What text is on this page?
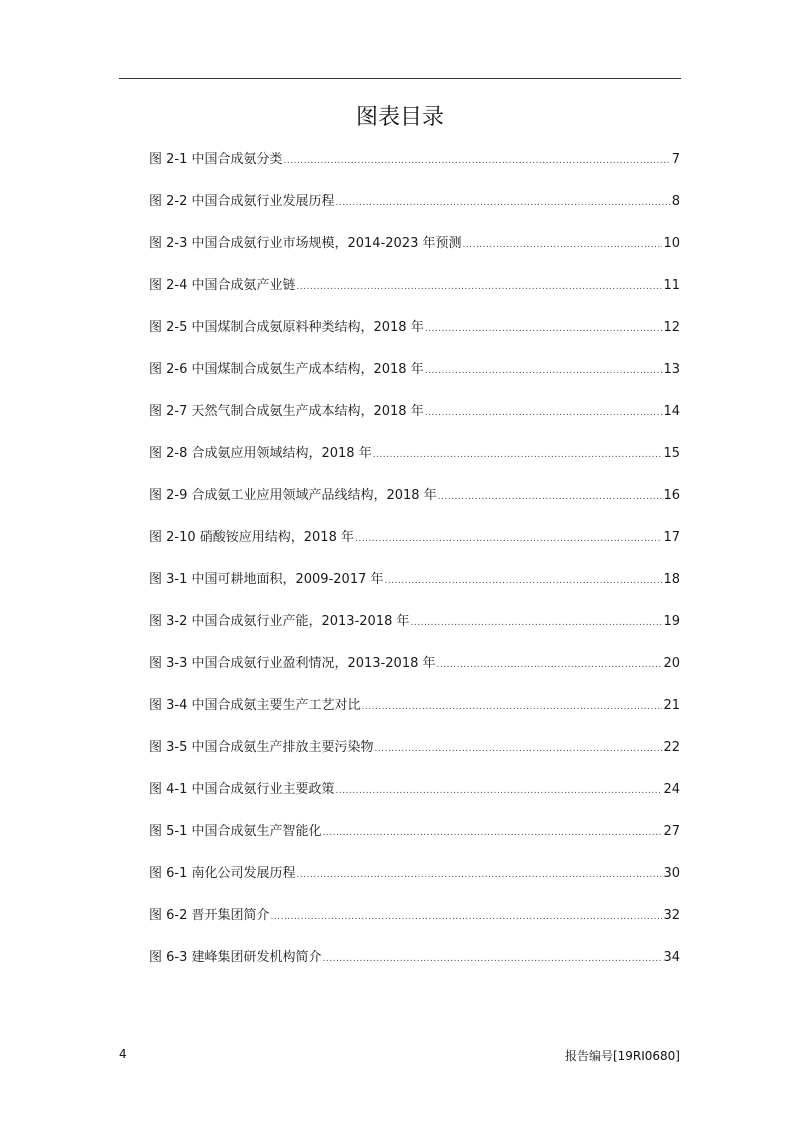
图表目录
图 2-1 中国合成氨分类 .....	7
图 2-2 中国合成氨行业发展历程 .....	8
图 2-3 中国合成氨行业市场规模，2014-2023 年预测 .....	10
图 2-4 中国合成氨产业链 .....	11
图 2-5 中国煤制合成氨原料种类结构，2018 年 .....	12
图 2-6 中国煤制合成氨生产成本结构，2018 年 .....	13
图 2-7 天然气制合成氨生产成本结构，2018 年 .....	14
图 2-8 合成氨应用领域结构，2018 年 .....	15
图 2-9 合成氨工业应用领域产品线结构，2018 年 .....	16
图 2-10 硝酸铵应用结构，2018 年 .....	17
图 3-1 中国可耕地面积，2009-2017 年 .....	18
图 3-2 中国合成氨行业产能，2013-2018 年 .....	19
图 3-3 中国合成氨行业盈利情况，2013-2018 年 .....	20
图 3-4 中国合成氨主要生产工艺对比 .....	21
图 3-5 中国合成氨生产排放主要污染物 .....	22
图 4-1 中国合成氨行业主要政策 .....	24
图 5-1 中国合成氨生产智能化 .....	27
图 6-1 南化公司发展历程 .....	30
图 6-2 晋开集团简介 .....	32
图 6-3 建峰集团研发机构简介 .....	34
4	报告编号[19RI0680]
